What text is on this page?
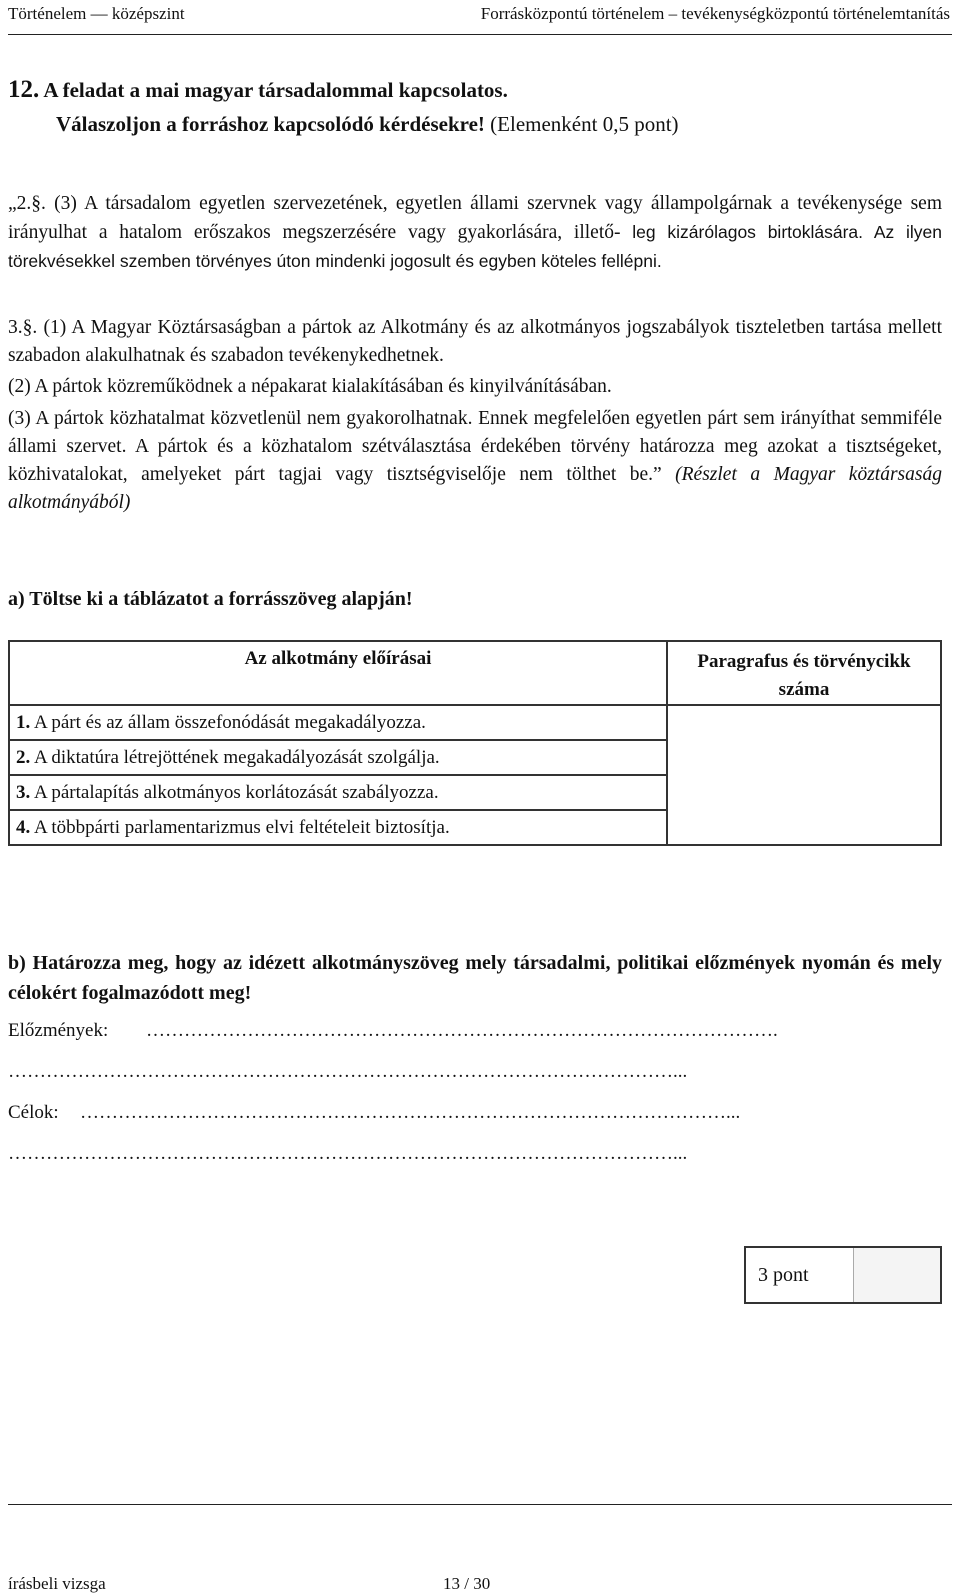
Történelem — középszint	Forrásközpontú történelem – tevékenységközpontú történelemtanítás
12. A feladat a mai magyar társadalommal kapcsolatos.
Válaszoljon a forráshoz kapcsolódó kérdésekre! (Elemenként 0,5 pont)

„2.§. (3) A társadalom egyetlen szervezetének, egyetlen állami szervnek vagy állampolgárnak a tevékenysége sem irányulhat a hatalom erőszakos megszerzésére vagy gyakorlására, illető- leg kizárólagos birtoklására. Az ilyen törekvésekkel szemben törvényes úton mindenki jogosult és egyben köteles fellépni.

3.§. (1) A Magyar Köztársaságban a pártok az Alkotmány és az alkotmányos jogszabályok tiszteletben tartása mellett szabadon alakulhatnak és szabadon tevékenykedhetnek.

(2) A pártok közreműködnek a népakarat kialakításában és kinyilvánításában.

(3) A pártok közhatalmat közvetlenül nem gyakorolhatnak. Ennek megfelelően egyetlen párt sem irányíthat semmiféle állami szervet. A pártok és a közhatalom szétválasztása érdekében törvény határozza meg azokat a tisztségeket, közhivatalokat, amelyeket párt tagjai vagy tisztségviselője nem tölthet be.” (Részlet a Magyar köztársaság alkotmányából)

a) Töltse ki a táblázatot a forrásszöveg alapján!
Az alkotmány előírásai	Paragrafus és törvénycikk száma
1. A párt és az állam összefonódását megakadályozza.	
2. A diktatúra létrejöttének megakadályozását szolgálja.	
3. A pártalapítás alkotmányos korlátozását szabályozza.	
4. A többpárti parlamentarizmus elvi feltételeit biztosítja.	
b) Határozza meg, hogy az idézett alkotmányszöveg mely társadalmi, politikai előzmények nyomán és mely célokért fogalmazódott meg!
Előzmények: ……………………………………………………………………………………….
……………………………………………………………………………………………...
Célok: …………………………………………………………………………………………...
……………………………………………………………………………………………...
3 pont
írásbeli vizsga	13 / 30
